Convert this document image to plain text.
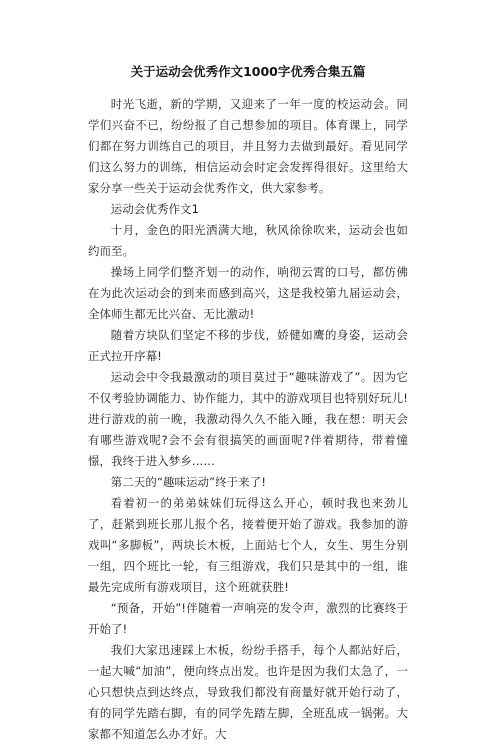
关于运动会优秀作文1000字优秀合集五篇

时光飞逝，新的学期，又迎来了一年一度的校运动会。同学们兴奋不已，纷纷报了自己想参加的项目。体育课上，同学们都在努力训练自己的项目，并且努力去做到最好。看见同学们这么努力的训练，相信运动会时定会发挥得很好。这里给大家分享一些关于运动会优秀作文，供大家参考。

运动会优秀作文1

十月，金色的阳光洒满大地，秋风徐徐吹来，运动会也如约而至。

操场上同学们整齐划一的动作，响彻云霄的口号，都仿佛在为此次运动会的到来而感到高兴，这是我校第九届运动会，全体师生都无比兴奋、无比激动!

随着方块队们坚定不移的步伐，娇健如鹰的身姿，运动会正式拉开序幕!

运动会中令我最激动的项目莫过于“趣味游戏了”。因为它不仅考验协调能力、协作能力，其中的游戏项目也特别好玩儿!进行游戏的前一晚，我激动得久久不能入睡，我在想：明天会有哪些游戏呢?会不会有很搞笑的画面呢?伴着期待，带着憧憬，我终于进入梦乡……

第二天的“趣味运动”终于来了!

看着初一的弟弟妹妹们玩得这么开心，顿时我也来劲儿了，赶紧到班长那儿报个名，接着便开始了游戏。我参加的游戏叫“多脚板”，两块长木板，上面站七个人，女生、男生分别一组，四个班比一轮，有三组游戏，我们只是其中的一组，谁最先完成所有游戏项目，这个班就获胜!

“预备，开始”!伴随着一声响亮的发令声，激烈的比赛终于开始了!

我们大家迅速踩上木板，纷纷手搭手，每个人都站好后，一起大喊“加油”，便向终点出发。也许是因为我们太急了，一心只想快点到达终点，导致我们都没有商量好就开始行动了，有的同学先踏右脚，有的同学先踏左脚，全班乱成一锅粥。大家都不知道怎么办才好。大
